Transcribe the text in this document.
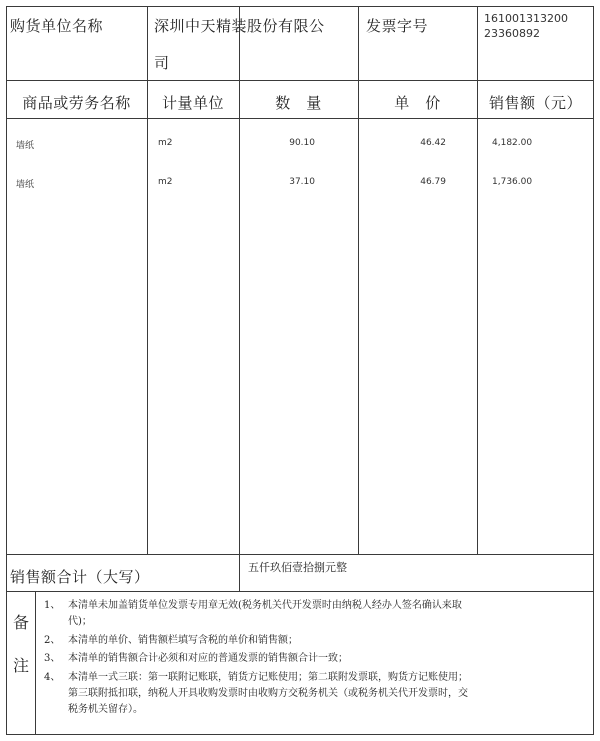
购货单位名称	深圳中天精装股份有限公
司
发票字号	161001313200
23360892
商品或劳务名称	计量单位	数　量	单　价	销售额（元）
墙纸	m2	90.10	46.42	4,182.00
墙纸	m2	37.10	46.79	1,736.00
销售额合计（大写）
五仟玖佰壹拾捌元整
备
注
1、 本清单未加盖销货单位发票专用章无效(税务机关代开发票时由纳税人经办人签名确认来取
代)；
2、 本清单的单价、销售额栏填写含税的单价和销售额；
3、 本清单的销售额合计必须和对应的普通发票的销售额合计一致；
4、 本清单一式三联：第一联附记账联，销货方记账使用；第二联附发票联，购货方记账使用；
第三联附抵扣联，纳税人开具收购发票时由收购方交税务机关（或税务机关代开发票时，交
税务机关留存）。
